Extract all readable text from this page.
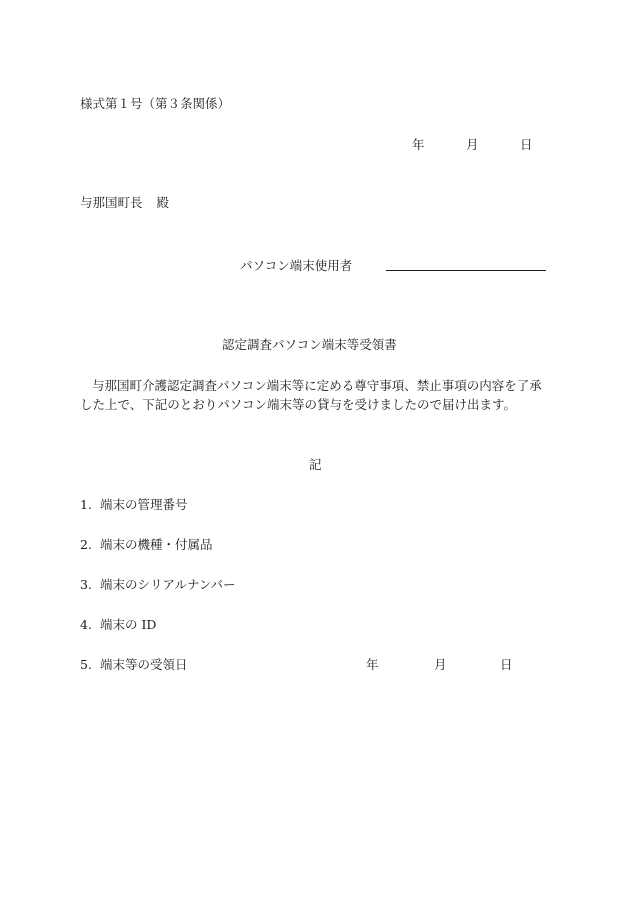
様式第１号（第３条関係）
年	月	日
与那国町長 殿
パソコン端末使用者
認定調査パソコン端末等受領書
与那国町介護認定調査パソコン端末等に定める尊守事項、禁止事項の内容を了承した上で、下記のとおりパソコン端末等の貸与を受けましたので届け出ます。
記
1. 端末の管理番号
2. 端末の機種・付属品
3. 端末のシリアルナンバー
4. 端末の ID
5. 端末等の受領日	年	月	日
